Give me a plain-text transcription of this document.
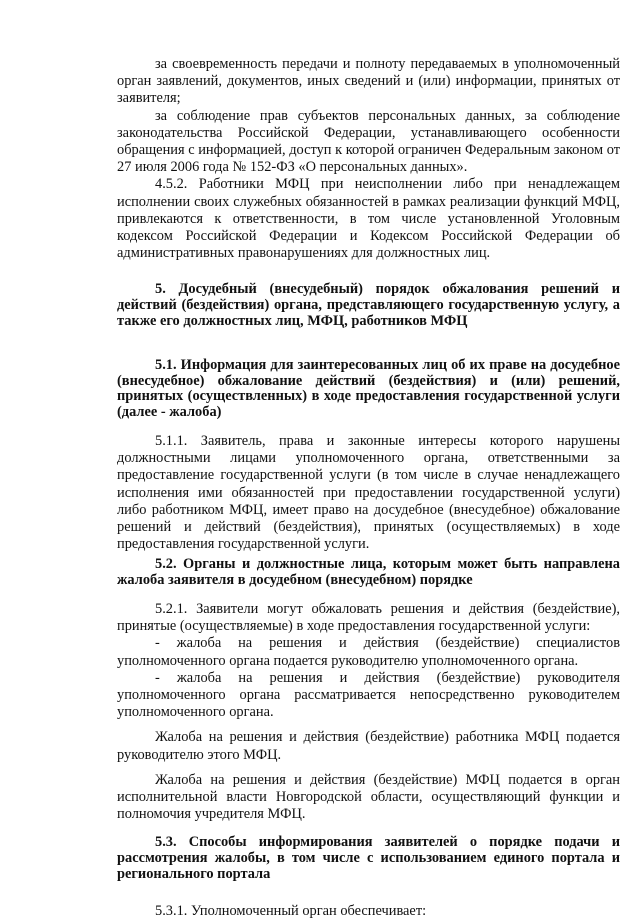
за своевременность передачи и полноту передаваемых в уполномоченный орган заявлений, документов, иных сведений и (или) информации, принятых от заявителя;

за соблюдение прав субъектов персональных данных, за соблюдение законодательства Российской Федерации, устанавливающего особенности обращения с информацией, доступ к которой ограничен Федеральным законом от 27 июля 2006 года № 152-ФЗ «О персональных данных».

4.5.2. Работники МФЦ при неисполнении либо при ненадлежащем исполнении своих служебных обязанностей в рамках реализации функций МФЦ, привлекаются к ответственности, в том числе установленной Уголовным кодексом Российской Федерации и Кодексом Российской Федерации об административных правонарушениях для должностных лиц.

5. Досудебный (внесудебный) порядок обжалования решений и действий (бездействия) органа, представляющего государственную услугу, а также его должностных лиц, МФЦ, работников МФЦ

5.1. Информация для заинтересованных лиц об их праве на досудебное (внесудебное) обжалование действий (бездействия) и (или) решений, принятых (осуществленных) в ходе предоставления государственной услуги (далее - жалоба)

5.1.1. Заявитель, права и законные интересы которого нарушены должностными лицами уполномоченного органа, ответственными за предоставление государственной услуги (в том числе в случае ненадлежащего исполнения ими обязанностей при предоставлении государственной услуги) либо работником МФЦ, имеет право на досудебное (внесудебное) обжалование решений и действий (бездействия), принятых (осуществляемых) в ходе предоставления государственной услуги.

5.2. Органы и должностные лица, которым может быть направлена жалоба заявителя в досудебном (внесудебном) порядке

5.2.1. Заявители могут обжаловать решения и действия (бездействие), принятые (осуществляемые) в ходе предоставления государственной услуги:

- жалоба на решения и действия (бездействие) специалистов уполномоченного органа подается руководителю уполномоченного органа.

- жалоба на решения и действия (бездействие) руководителя уполномоченного органа рассматривается непосредственно руководителем уполномоченного органа.

Жалоба на решения и действия (бездействие) работника МФЦ подается руководителю этого МФЦ.

Жалоба на решения и действия (бездействие) МФЦ подается в орган исполнительной власти Новгородской области, осуществляющий функции и полномочия учредителя МФЦ.

5.3. Способы информирования заявителей о порядке подачи и рассмотрения жалобы, в том числе с использованием единого портала и регионального портала

5.3.1. Уполномоченный орган обеспечивает:
